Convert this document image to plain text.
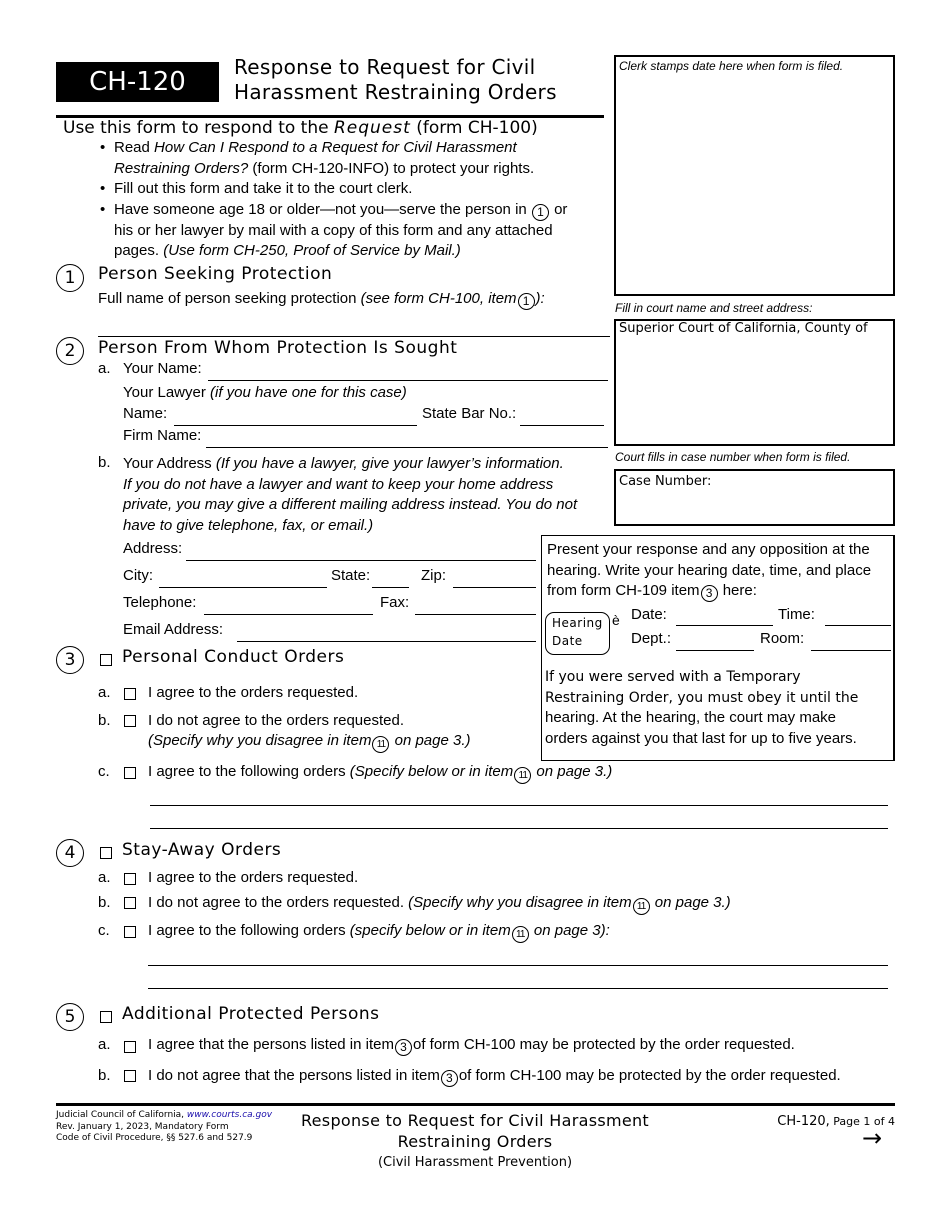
CH-120	Response to Request for Civil
Harassment Restraining Orders
Use this form to respond to the Request (form CH-100)
• Read How Can I Respond to a Request for Civil Harassment
Restraining Orders? (form CH-120-INFO) to protect your rights.
• Fill out this form and take it to the court clerk.
• Have someone age 18 or older—not you—serve the person in 1 or
his or her lawyer by mail with a copy of this form and any attached
pages. (Use form CH-250, Proof of Service by Mail.)
Clerk stamps date here when form is filed.
Fill in court name and street address:
Superior Court of California, County of
Court fills in case number when form is filed.
Case Number:
Present your response and any opposition at the
hearing. Write your hearing date, time, and place
from form CH-109 item 3 here:
Hearing
Date
è Date:	Time:
Dept.:	Room:
If you were served with a Temporary
Restraining Order, you must obey it until the
hearing. At the hearing, the court may make
orders against you that last for up to five years.
1	Person Seeking Protection
Full name of person seeking protection (see form CH-100, item 1 ):
2	Person From Whom Protection Is Sought
a. Your Name:
Your Lawyer (if you have one for this case)
Name:	State Bar No.:
Firm Name:
b. Your Address (If you have a lawyer, give your lawyer’s information.
If you do not have a lawyer and want to keep your home address
private, you may give a different mailing address instead. You do not
have to give telephone, fax, or email.)
Address:
City:	State:	Zip:
Telephone:	Fax:
Email Address:
3	Personal Conduct Orders
a. I agree to the orders requested.
b. I do not agree to the orders requested.
(Specify why you disagree in item 11 on page 3.)
c.	I agree to the following orders (Specify below or in item 11 on page 3.)
4	Stay-Away Orders
a. I agree to the orders requested.
b. I do not agree to the orders requested. (Specify why you disagree in item 11 on page 3.)
c.	I agree to the following orders (specify below or in item 11 on page 3):
5	Additional Protected Persons
a. I agree that the persons listed in item 3 of form CH-100 may be protected by the order requested.
b. I do not agree that the persons listed in item 3 of form CH-100 may be protected by the order requested.
Judicial Council of California, www.courts.ca.gov
Rev. January 1, 2023, Mandatory Form
Code of Civil Procedure, §§ 527.6 and 527.9
Response to Request for Civil Harassment
Restraining Orders
(Civil Harassment Prevention)
CH-120, Page 1 of 4
→
